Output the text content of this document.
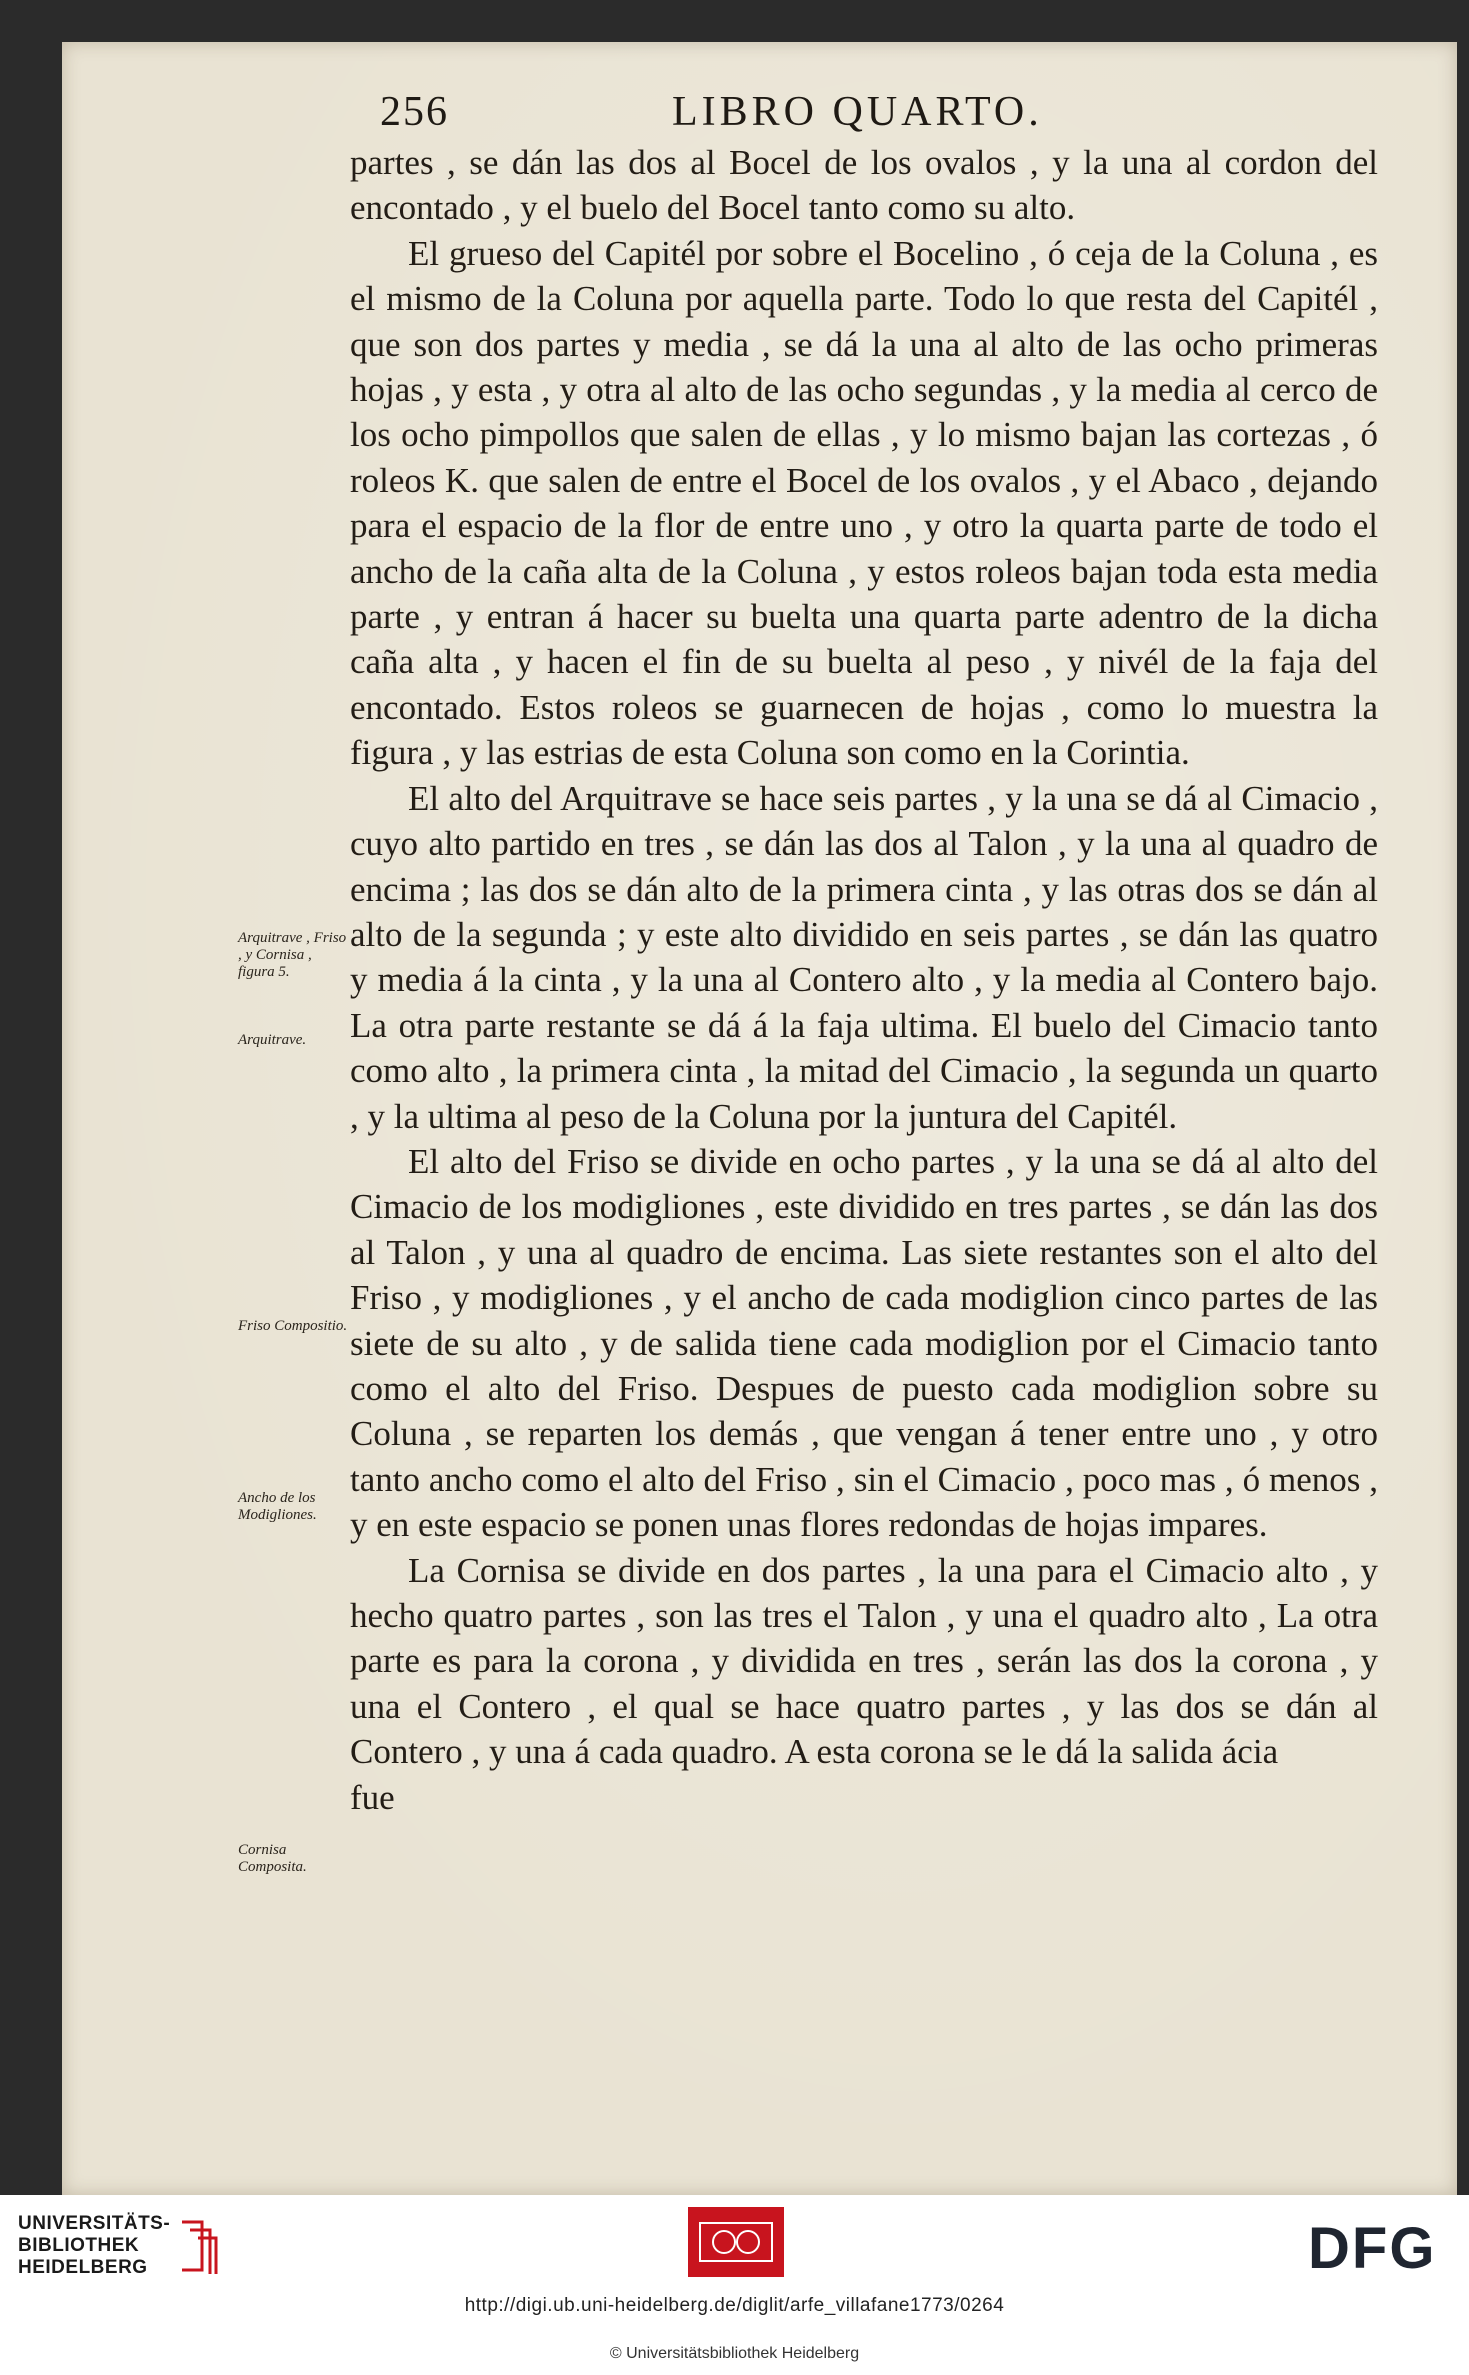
256	LIBRO QUARTO.

partes , se dán las dos al Bocel de los ovalos , y la una al cordon del encontado , y el buelo del Bocel tanto como su alto.

El grueso del Capitél por sobre el Bocelino , ó ceja de la Coluna , es el mismo de la Coluna por aquella parte. Todo lo que resta del Capitél , que son dos partes y media , se dá la una al alto de las ocho primeras hojas , y esta , y otra al alto de las ocho segundas , y la media al cerco de los ocho pimpollos que salen de ellas , y lo mismo bajan las cortezas , ó roleos K. que salen de entre el Bocel de los ovalos , y el Abaco , dejando para el espacio de la flor de entre uno , y otro la quarta parte de todo el ancho de la caña alta de la Coluna , y estos roleos bajan toda esta media parte , y entran á hacer su buelta una quarta parte adentro de la dicha caña alta , y hacen el fin de su buelta al peso , y nivél de la faja del encontado. Estos roleos se guarnecen de hojas , como lo muestra la figura , y las estrias de esta Coluna son como en la Corintia.

El alto del Arquitrave se hace seis partes , y la una se dá al Cimacio , cuyo alto partido en tres , se dán las dos al Talon , y la una al quadro de encima ; las dos se dán alto de la primera cinta , y las otras dos se dán al alto de la segunda ; y este alto dividido en seis partes , se dán las quatro y media á la cinta , y la una al Contero alto , y la media al Contero bajo. La otra parte restante se dá á la faja ultima. El buelo del Cimacio tanto como alto , la primera cinta , la mitad del Cimacio , la segunda un quarto , y la ultima al peso de la Coluna por la juntura del Capitél.

El alto del Friso se divide en ocho partes , y la una se dá al alto del Cimacio de los modigliones , este dividido en tres partes , se dán las dos al Talon , y una al quadro de encima. Las siete restantes son el alto del Friso , y modigliones , y el ancho de cada modiglion cinco partes de las siete de su alto , y de salida tiene cada modiglion por el Cimacio tanto como el alto del Friso. Despues de puesto cada modiglion sobre su Coluna , se reparten los demás , que vengan á tener entre uno , y otro tanto ancho como el alto del Friso , sin el Cimacio , poco mas , ó menos , y en este espacio se ponen unas flores redondas de hojas impares.

La Cornisa se divide en dos partes , la una para el Cimacio alto , y hecho quatro partes , son las tres el Talon , y una el quadro alto , La otra parte es para la corona , y dividida en tres , serán las dos la corona , y una el Contero , el qual se hace quatro partes , y las dos se dán al Contero , y una á cada quadro. A esta corona se le dá la salida ácia

fue

Arquitrave , Friso , y Cornisa , figura 5.
Arquitrave.
Friso Compositio.
Ancho de los Modigliones.
Cornisa Composita.
UNIVERSITÄTS- BIBLIOTHEK HEIDELBERG	DFG
http://digi.ub.uni-heidelberg.de/diglit/arfe_villafane1773/0264
© Universitätsbibliothek Heidelberg
